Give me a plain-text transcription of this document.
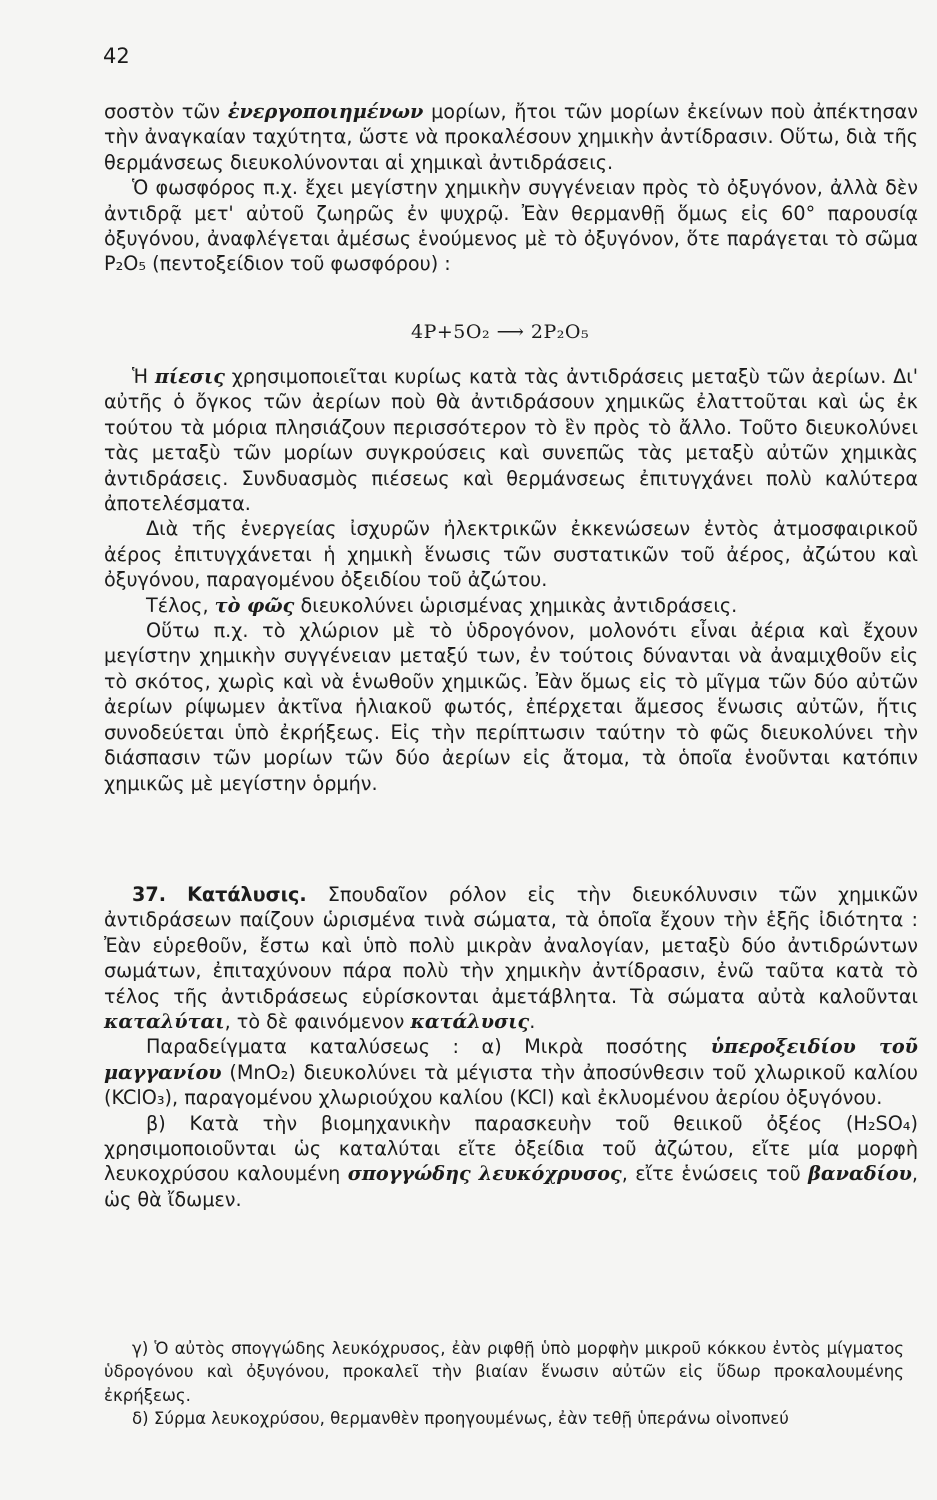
42

σοστὸν τῶν ἐνεργοποιημένων μορίων, ἤτοι τῶν μορίων ἐκείνων ποὺ ἀπέκτησαν τὴν ἀναγκαίαν ταχύτητα, ὥστε νὰ προκαλέσουν χημικὴν ἀντίδρασιν. Οὕτω, διὰ τῆς θερμάνσεως διευκολύνονται αἱ χημικαὶ ἀντιδράσεις.

Ὁ φωσφόρος π.χ. ἔχει μεγίστην χημικὴν συγγένειαν πρὸς τὸ ὀξυγόνον, ἀλλὰ δὲν ἀντιδρᾷ μετ' αὐτοῦ ζωηρῶς ἐν ψυχρῷ. Ἐὰν θερμανθῇ ὅμως εἰς 60° παρουσίᾳ ὀξυγόνου, ἀναφλέγεται ἀμέσως ἑνούμενος μὲ τὸ ὀξυγόνον, ὅτε παράγεται τὸ σῶμα P₂O₅ (πεντοξείδιον τοῦ φωσφόρου) :

4P+5O₂ ⟶ 2P₂O₅

Ἡ πίεσις χρησιμοποιεῖται κυρίως κατὰ τὰς ἀντιδράσεις μεταξὺ τῶν ἀερίων. Δι' αὐτῆς ὁ ὄγκος τῶν ἀερίων ποὺ θὰ ἀντιδράσουν χημικῶς ἐλαττοῦται καὶ ὡς ἐκ τούτου τὰ μόρια πλησιάζουν περισσότερον τὸ ἓν πρὸς τὸ ἄλλο. Τοῦτο διευκολύνει τὰς μεταξὺ τῶν μορίων συγκρούσεις καὶ συνεπῶς τὰς μεταξὺ αὐτῶν χημικὰς ἀντιδράσεις. Συνδυασμὸς πιέσεως καὶ θερμάνσεως ἐπιτυγχάνει πολὺ καλύτερα ἀποτελέσματα.

Διὰ τῆς ἐνεργείας ἰσχυρῶν ἠλεκτρικῶν ἐκκενώσεων ἐντὸς ἀτμοσφαιρικοῦ ἀέρος ἐπιτυγχάνεται ἡ χημικὴ ἕνωσις τῶν συστατικῶν τοῦ ἀέρος, ἀζώτου καὶ ὀξυγόνου, παραγομένου ὀξειδίου τοῦ ἀζώτου.

Τέλος, τὸ φῶς διευκολύνει ὡρισμένας χημικὰς ἀντιδράσεις.

Οὕτω π.χ. τὸ χλώριον μὲ τὸ ὑδρογόνον, μολονότι εἶναι ἀέρια καὶ ἔχουν μεγίστην χημικὴν συγγένειαν μεταξύ των, ἐν τούτοις δύνανται νὰ ἀναμιχθοῦν εἰς τὸ σκότος, χωρὶς καὶ νὰ ἑνωθοῦν χημικῶς. Ἐὰν ὅμως εἰς τὸ μῖγμα τῶν δύο αὐτῶν ἀερίων ρίψωμεν ἀκτῖνα ἡλιακοῦ φωτός, ἐπέρχεται ἄμεσος ἕνωσις αὐτῶν, ἥτις συνοδεύεται ὑπὸ ἐκρήξεως. Εἰς τὴν περίπτωσιν ταύτην τὸ φῶς διευκολύνει τὴν διάσπασιν τῶν μορίων τῶν δύο ἀερίων εἰς ἄτομα, τὰ ὁποῖα ἑνοῦνται κατόπιν χημικῶς μὲ μεγίστην ὁρμήν.

37. Κατάλυσις. Σπουδαῖον ρόλον εἰς τὴν διευκόλυνσιν τῶν χημικῶν ἀντιδράσεων παίζουν ὡρισμένα τινὰ σώματα, τὰ ὁποῖα ἔχουν τὴν ἑξῆς ἰδιότητα : Ἐὰν εὑρεθοῦν, ἔστω καὶ ὑπὸ πολὺ μικρὰν ἀναλογίαν, μεταξὺ δύο ἀντιδρώντων σωμάτων, ἐπιταχύνουν πάρα πολὺ τὴν χημικὴν ἀντίδρασιν, ἐνῶ ταῦτα κατὰ τὸ τέλος τῆς ἀντιδράσεως εὑρίσκονται ἀμετάβλητα. Τὰ σώματα αὐτὰ καλοῦνται καταλύται, τὸ δὲ φαινόμενον κατάλυσις.

Παραδείγματα καταλύσεως : α) Μικρὰ ποσότης ὑπεροξειδίου τοῦ μαγγανίου (MnO₂) διευκολύνει τὰ μέγιστα τὴν ἀποσύνθεσιν τοῦ χλωρικοῦ καλίου (KClO₃), παραγομένου χλωριούχου καλίου (KCl) καὶ ἐκλυομένου ἀερίου ὀξυγόνου.

β) Κατὰ τὴν βιομηχανικὴν παρασκευὴν τοῦ θειικοῦ ὀξέος (H₂SO₄) χρησιμοποιοῦνται ὡς καταλύται εἴτε ὀξείδια τοῦ ἀζώτου, εἴτε μία μορφὴ λευκοχρύσου καλουμένη σπογγώδης λευκόχρυσος, εἴτε ἑνώσεις τοῦ βαναδίου, ὡς θὰ ἴδωμεν.

γ) Ὁ αὐτὸς σπογγώδης λευκόχρυσος, ἐὰν ριφθῇ ὑπὸ μορφὴν μικροῦ κόκκου ἐντὸς μίγματος ὑδρογόνου καὶ ὀξυγόνου, προκαλεῖ τὴν βιαίαν ἕνωσιν αὐτῶν εἰς ὕδωρ προκαλουμένης ἐκρήξεως.

δ) Σύρμα λευκοχρύσου, θερμανθὲν προηγουμένως, ἐὰν τεθῇ ὑπεράνω οἰνοπνεύ
